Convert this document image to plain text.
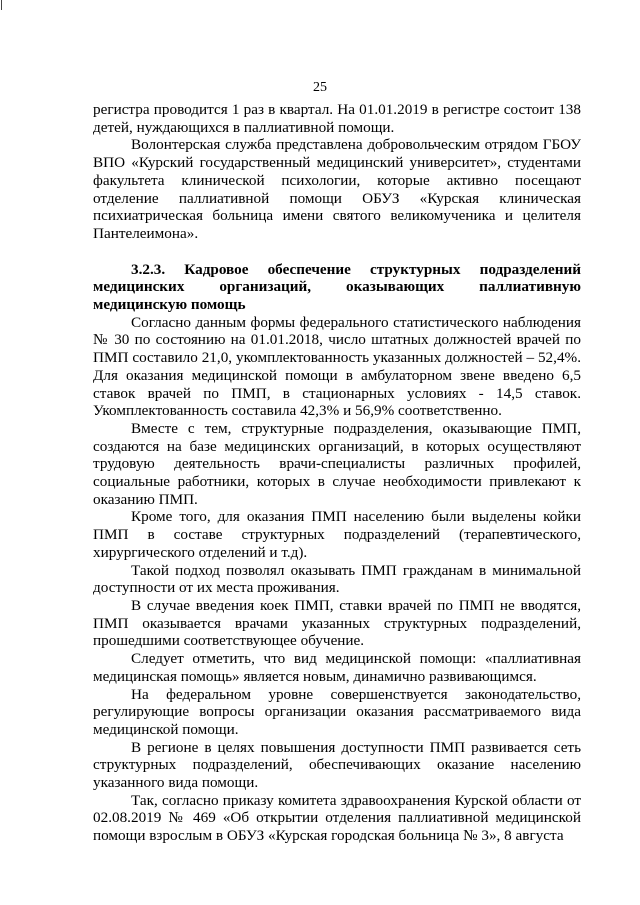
25

регистра проводится 1 раз в квартал. На 01.01.2019 в регистре состоит 138 детей, нуждающихся в паллиативной помощи.

Волонтерская служба представлена добровольческим отрядом ГБОУ ВПО «Курский государственный медицинский университет», студентами факультета клинической психологии, которые активно посещают отделение паллиативной помощи ОБУЗ «Курская клиническая психиатрическая больница имени святого великомученика и целителя Пантелеимона».

3.2.3. Кадровое обеспечение структурных подразделений медицинских организаций, оказывающих паллиативную медицинскую помощь

Согласно данным формы федерального статистического наблюдения № 30 по состоянию на 01.01.2018, число штатных должностей врачей по ПМП составило 21,0, укомплектованность указанных должностей – 52,4%. Для оказания медицинской помощи в амбулаторном звене введено 6,5 ставок врачей по ПМП, в стационарных условиях - 14,5 ставок. Укомплектованность составила 42,3% и 56,9% соответственно.

Вместе с тем, структурные подразделения, оказывающие ПМП, создаются на базе медицинских организаций, в которых осуществляют трудовую деятельность врачи-специалисты различных профилей, социальные работники, которых в случае необходимости привлекают к оказанию ПМП.

Кроме того, для оказания ПМП населению были выделены койки ПМП в составе структурных подразделений (терапевтического, хирургического отделений и т.д).

Такой подход позволял оказывать ПМП гражданам в минимальной доступности от их места проживания.

В случае введения коек ПМП, ставки врачей по ПМП не вводятся, ПМП оказывается врачами указанных структурных подразделений, прошедшими соответствующее обучение.

Следует отметить, что вид медицинской помощи: «паллиативная медицинская помощь» является новым, динамично развивающимся.

На федеральном уровне совершенствуется законодательство, регулирующие вопросы организации оказания рассматриваемого вида медицинской помощи.

В регионе в целях повышения доступности ПМП развивается сеть структурных подразделений, обеспечивающих оказание населению указанного вида помощи.

Так, согласно приказу комитета здравоохранения Курской области от 02.08.2019 № 469 «Об открытии отделения паллиативной медицинской помощи взрослым в ОБУЗ «Курская городская больница № 3», 8 августа
